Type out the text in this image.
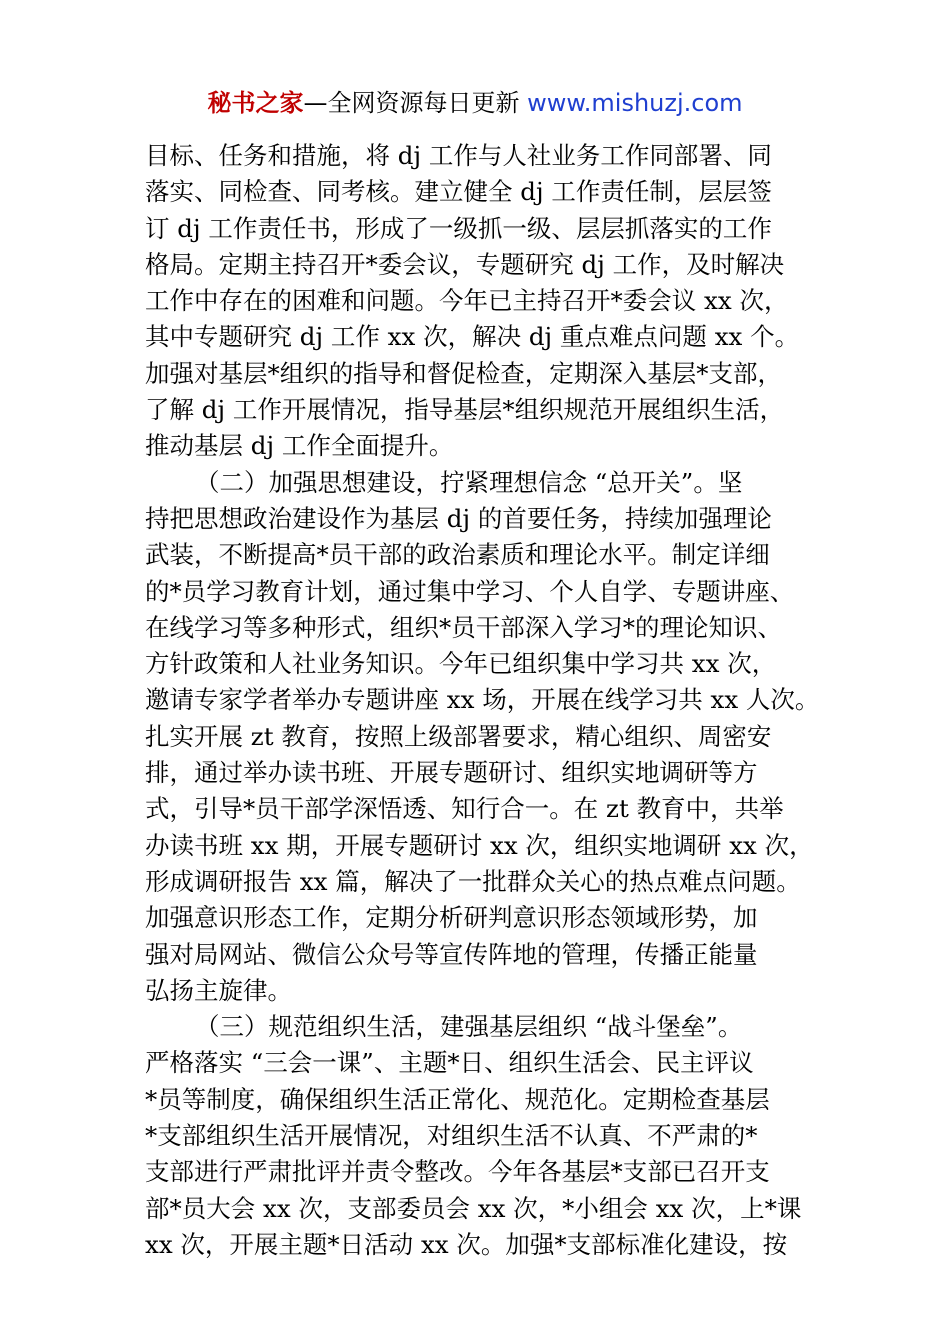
秘书之家—全网资源每日更新 www.mishuzj.com
目标、任务和措施，将 dj 工作与人社业务工作同部署、同
落实、同检查、同考核。建立健全 dj 工作责任制，层层签
订 dj 工作责任书，形成了一级抓一级、层层抓落实的工作
格局。定期主持召开*委会议，专题研究 dj 工作，及时解决
工作中存在的困难和问题。今年已主持召开*委会议 xx 次，
其中专题研究 dj 工作 xx 次，解决 dj 重点难点问题 xx 个。
加强对基层*组织的指导和督促检查，定期深入基层*支部，
了解 dj 工作开展情况，指导基层*组织规范开展组织生活，
推动基层 dj 工作全面提升。
（二）加强思想建设，拧紧理想信念 “总开关”。坚
持把思想政治建设作为基层 dj 的首要任务，持续加强理论
武装，不断提高*员干部的政治素质和理论水平。制定详细
的*员学习教育计划，通过集中学习、个人自学、专题讲座、
在线学习等多种形式，组织*员干部深入学习*的理论知识、
方针政策和人社业务知识。今年已组织集中学习共 xx 次，
邀请专家学者举办专题讲座 xx 场，开展在线学习共 xx 人次。
扎实开展 zt 教育，按照上级部署要求，精心组织、周密安
排，通过举办读书班、开展专题研讨、组织实地调研等方
式，引导*员干部学深悟透、知行合一。在 zt 教育中，共举
办读书班 xx 期，开展专题研讨 xx 次，组织实地调研 xx 次，
形成调研报告 xx 篇，解决了一批群众关心的热点难点问题。
加强意识形态工作，定期分析研判意识形态领域形势，加
强对局网站、微信公众号等宣传阵地的管理，传播正能量
弘扬主旋律。
（三）规范组织生活，建强基层组织 “战斗堡垒”。
严格落实 “三会一课”、主题*日、组织生活会、民主评议
*员等制度，确保组织生活正常化、规范化。定期检查基层
*支部组织生活开展情况，对组织生活不认真、不严肃的*
支部进行严肃批评并责令整改。今年各基层*支部已召开支
部*员大会 xx 次，支部委员会 xx 次，*小组会 xx 次，上*课
xx 次，开展主题*日活动 xx 次。加强*支部标准化建设，按
